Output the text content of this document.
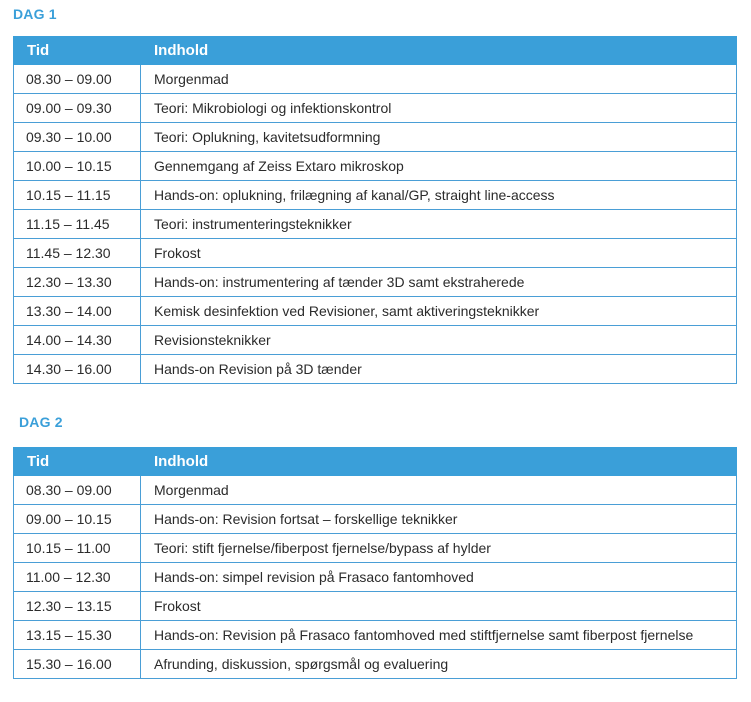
DAG 1
Tid	Indhold
08.30 – 09.00	Morgenmad
09.00 – 09.30	Teori: Mikrobiologi og infektionskontrol
09.30 – 10.00	Teori: Oplukning, kavitetsudformning
10.00 – 10.15	Gennemgang af Zeiss Extaro mikroskop
10.15 – 11.15	Hands-on: oplukning, frilægning af kanal/GP, straight line-access
11.15 – 11.45	Teori: instrumenteringsteknikker
11.45 – 12.30	Frokost
12.30 – 13.30	Hands-on: instrumentering af tænder 3D samt ekstraherede
13.30 – 14.00	Kemisk desinfektion ved Revisioner, samt aktiveringsteknikker
14.00 – 14.30	Revisionsteknikker
14.30 – 16.00	Hands-on Revision på 3D tænder
DAG 2
Tid	Indhold
08.30 – 09.00	Morgenmad
09.00 – 10.15	Hands-on: Revision fortsat – forskellige teknikker
10.15 – 11.00	Teori: stift fjernelse/fiberpost fjernelse/bypass af hylder
11.00 – 12.30	Hands-on: simpel revision på Frasaco fantomhoved
12.30 – 13.15	Frokost
13.15 – 15.30	Hands-on: Revision på Frasaco fantomhoved med stiftfjernelse samt fiberpost fjernelse
15.30 – 16.00	Afrunding, diskussion, spørgsmål og evaluering
